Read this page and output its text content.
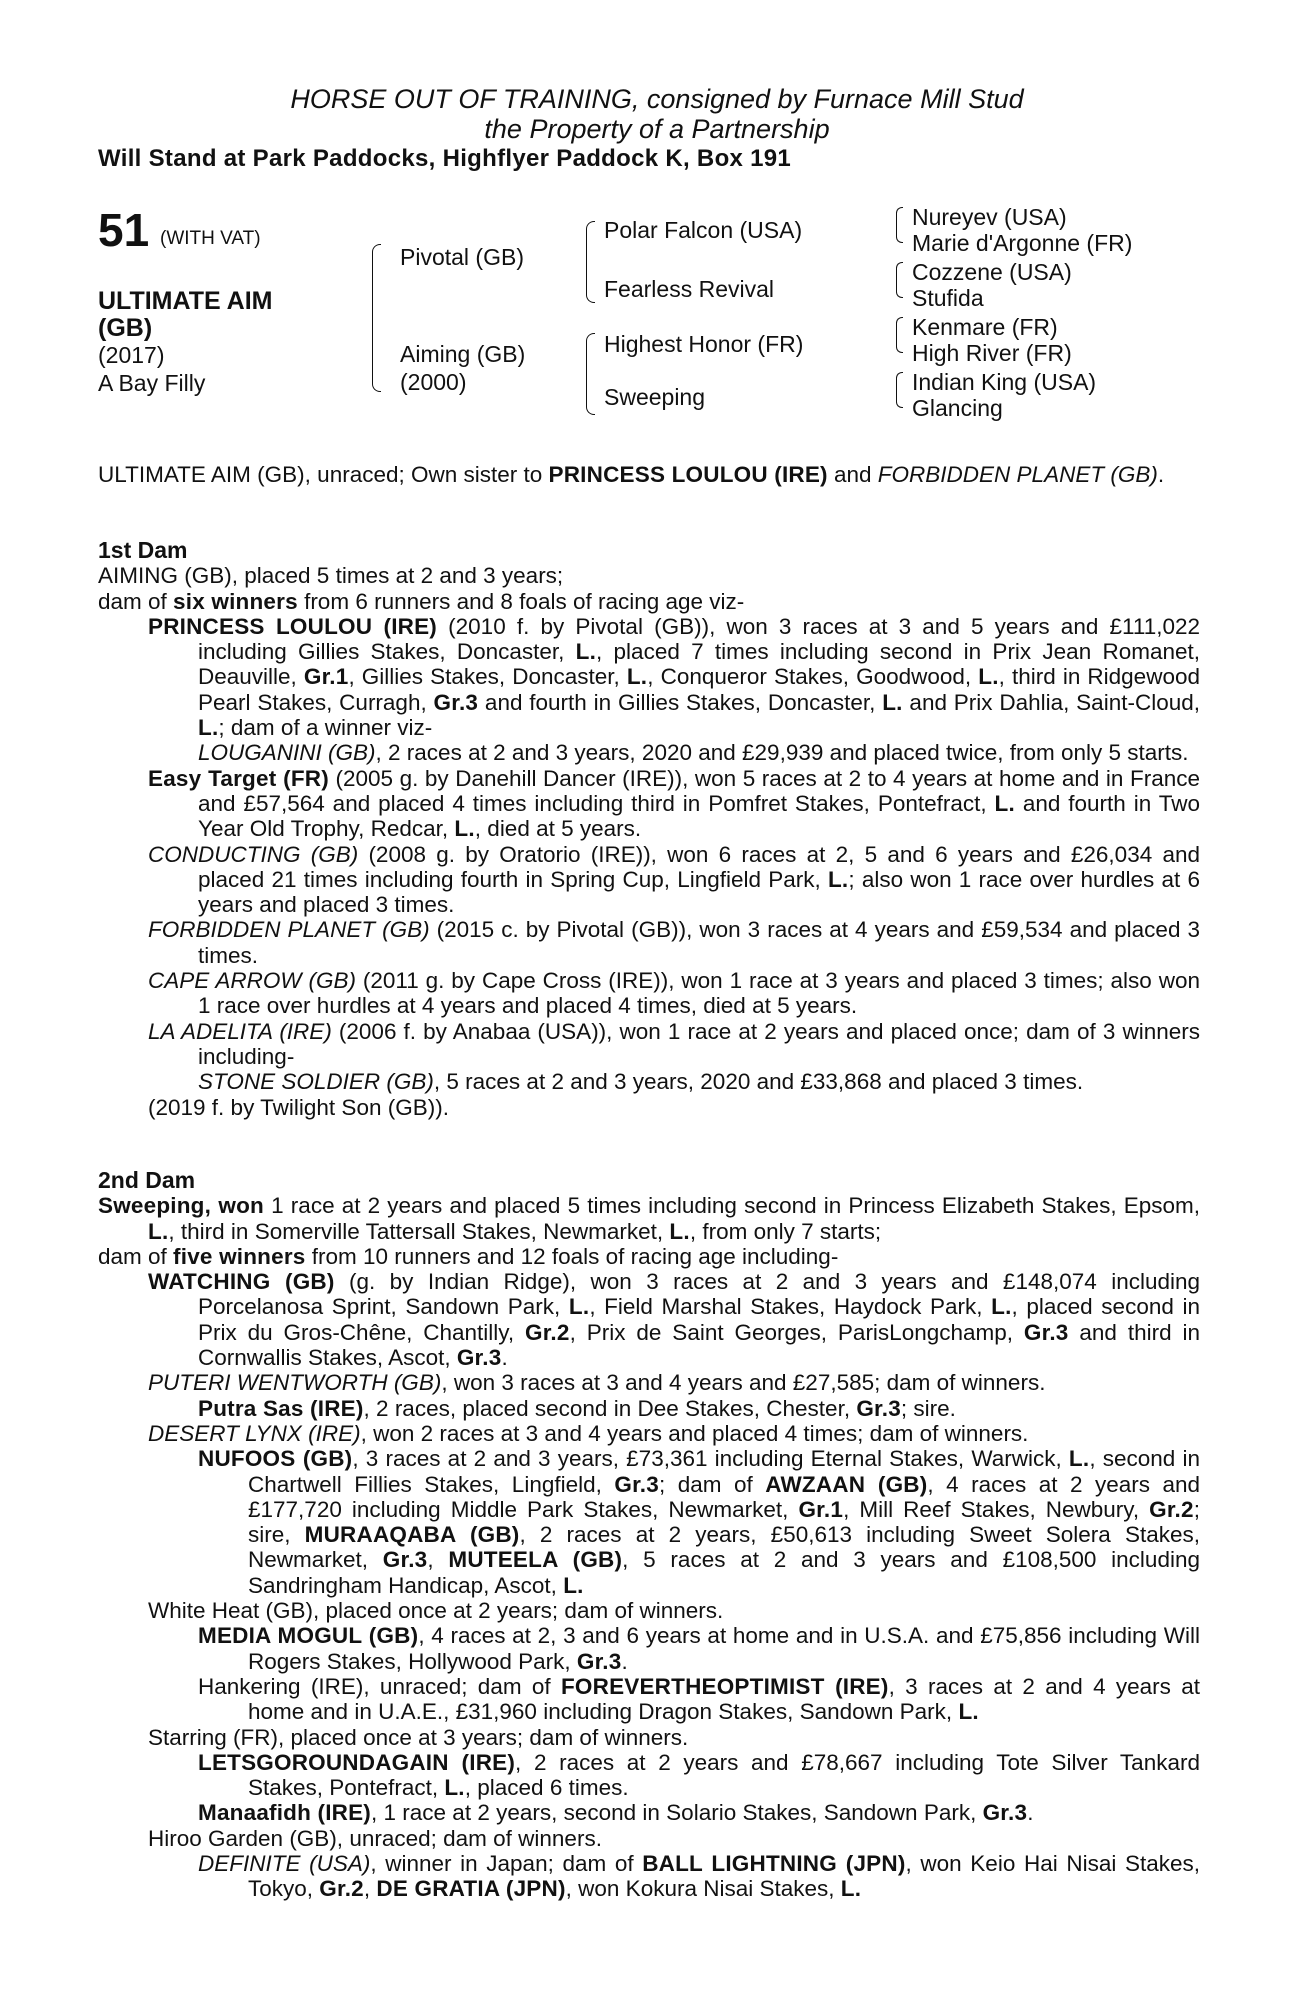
HORSE OUT OF TRAINING, consigned by Furnace Mill Stud
the Property of a Partnership
Will Stand at Park Paddocks, Highflyer Paddock K, Box 191
51 (WITH VAT)
ULTIMATE AIM
(GB)
(2017)
A Bay Filly
Pivotal (GB)
Aiming (GB)
(2000)
Polar Falcon (USA)
Fearless Revival
Highest Honor (FR)
Sweeping
Nureyev (USA)
Marie d'Argonne (FR)
Cozzene (USA)
Stufida
Kenmare (FR)
High River (FR)
Indian King (USA)
Glancing

ULTIMATE AIM (GB), unraced; Own sister to PRINCESS LOULOU (IRE) and FORBIDDEN PLANET (GB).

1st Dam

AIMING (GB), placed 5 times at 2 and 3 years;

dam of six winners from 6 runners and 8 foals of racing age viz-

PRINCESS LOULOU (IRE) (2010 f. by Pivotal (GB)), won 3 races at 3 and 5 years and £111,022 including Gillies Stakes, Doncaster, L., placed 7 times including second in Prix Jean Romanet, Deauville, Gr.1, Gillies Stakes, Doncaster, L., Conqueror Stakes, Goodwood, L., third in Ridgewood Pearl Stakes, Curragh, Gr.3 and fourth in Gillies Stakes, Doncaster, L. and Prix Dahlia, Saint-Cloud, L.; dam of a winner viz-

LOUGANINI (GB), 2 races at 2 and 3 years, 2020 and £29,939 and placed twice, from only 5 starts.

Easy Target (FR) (2005 g. by Danehill Dancer (IRE)), won 5 races at 2 to 4 years at home and in France and £57,564 and placed 4 times including third in Pomfret Stakes, Pontefract, L. and fourth in Two Year Old Trophy, Redcar, L., died at 5 years.

CONDUCTING (GB) (2008 g. by Oratorio (IRE)), won 6 races at 2, 5 and 6 years and £26,034 and placed 21 times including fourth in Spring Cup, Lingfield Park, L.; also won 1 race over hurdles at 6 years and placed 3 times.

FORBIDDEN PLANET (GB) (2015 c. by Pivotal (GB)), won 3 races at 4 years and £59,534 and placed 3 times.

CAPE ARROW (GB) (2011 g. by Cape Cross (IRE)), won 1 race at 3 years and placed 3 times; also won 1 race over hurdles at 4 years and placed 4 times, died at 5 years.

LA ADELITA (IRE) (2006 f. by Anabaa (USA)), won 1 race at 2 years and placed once; dam of 3 winners including-

STONE SOLDIER (GB), 5 races at 2 and 3 years, 2020 and £33,868 and placed 3 times.

(2019 f. by Twilight Son (GB)).

2nd Dam

Sweeping, won 1 race at 2 years and placed 5 times including second in Princess Elizabeth Stakes, Epsom, L., third in Somerville Tattersall Stakes, Newmarket, L., from only 7 starts;

dam of five winners from 10 runners and 12 foals of racing age including-

WATCHING (GB) (g. by Indian Ridge), won 3 races at 2 and 3 years and £148,074 including Porcelanosa Sprint, Sandown Park, L., Field Marshal Stakes, Haydock Park, L., placed second in Prix du Gros-Chêne, Chantilly, Gr.2, Prix de Saint Georges, ParisLongchamp, Gr.3 and third in Cornwallis Stakes, Ascot, Gr.3.

PUTERI WENTWORTH (GB), won 3 races at 3 and 4 years and £27,585; dam of winners.

Putra Sas (IRE), 2 races, placed second in Dee Stakes, Chester, Gr.3; sire.

DESERT LYNX (IRE), won 2 races at 3 and 4 years and placed 4 times; dam of winners.

NUFOOS (GB), 3 races at 2 and 3 years, £73,361 including Eternal Stakes, Warwick, L., second in Chartwell Fillies Stakes, Lingfield, Gr.3; dam of AWZAAN (GB), 4 races at 2 years and £177,720 including Middle Park Stakes, Newmarket, Gr.1, Mill Reef Stakes, Newbury, Gr.2; sire, MURAAQABA (GB), 2 races at 2 years, £50,613 including Sweet Solera Stakes, Newmarket, Gr.3, MUTEELA (GB), 5 races at 2 and 3 years and £108,500 including Sandringham Handicap, Ascot, L.

White Heat (GB), placed once at 2 years; dam of winners.

MEDIA MOGUL (GB), 4 races at 2, 3 and 6 years at home and in U.S.A. and £75,856 including Will Rogers Stakes, Hollywood Park, Gr.3.

Hankering (IRE), unraced; dam of FOREVERTHEOPTIMIST (IRE), 3 races at 2 and 4 years at home and in U.A.E., £31,960 including Dragon Stakes, Sandown Park, L.

Starring (FR), placed once at 3 years; dam of winners.

LETSGOROUNDAGAIN (IRE), 2 races at 2 years and £78,667 including Tote Silver Tankard Stakes, Pontefract, L., placed 6 times.

Manaafidh (IRE), 1 race at 2 years, second in Solario Stakes, Sandown Park, Gr.3.

Hiroo Garden (GB), unraced; dam of winners.

DEFINITE (USA), winner in Japan; dam of BALL LIGHTNING (JPN), won Keio Hai Nisai Stakes, Tokyo, Gr.2, DE GRATIA (JPN), won Kokura Nisai Stakes, L.
